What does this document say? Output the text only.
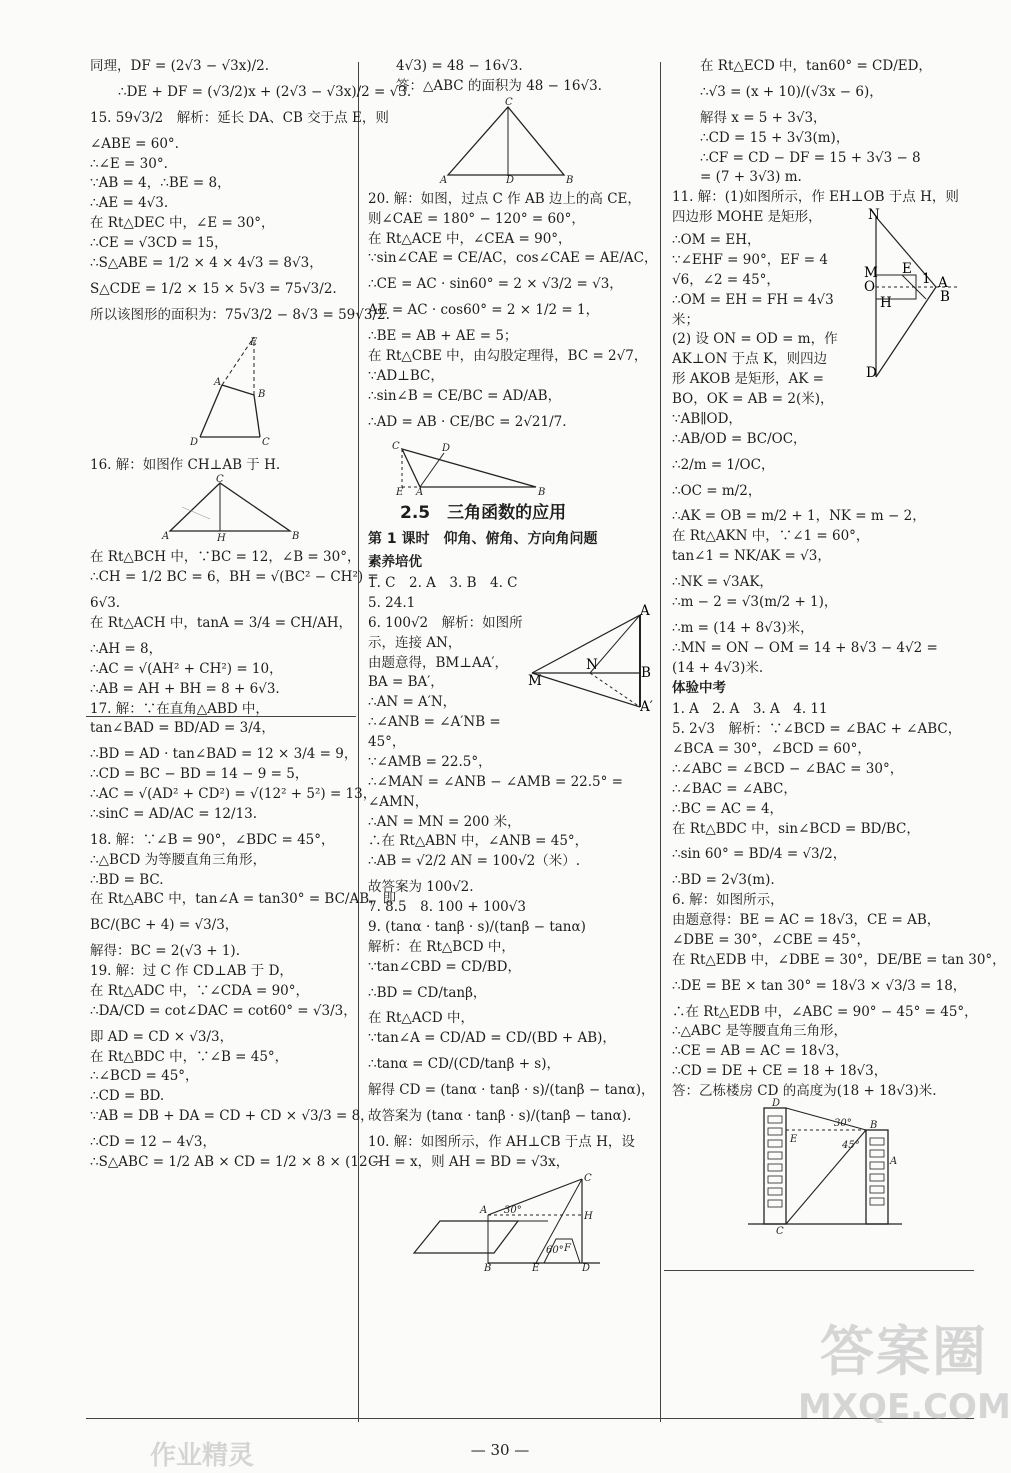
同理，DF = (2√3 − √3x)/2.
∴DE + DF = (√3/2)x + (2√3 − √3x)/2 = √3.
15. 59√3/2　解析：延长 DA、CB 交于点 E，则
∠ABE = 60°.
∴∠E = 30°.
∵AB = 4，∴BE = 8，
∴AE = 4√3.
在 Rt△DEC 中，∠E = 30°，
∴CE = √3CD = 15，
∴S△ABE = 1/2 × 4 × 4√3 = 8√3，
S△CDE = 1/2 × 15 × 5√3 = 75√3/2.
所以该图形的面积为：75√3/2 − 8√3 = 59√3/2.
E
A
B
D	C
16. 解：如图作 CH⊥AB 于 H.
C
A	H	B
在 Rt△BCH 中，∵BC = 12，∠B = 30°，
∴CH = 1/2 BC = 6，BH = √(BC² − CH²) =
6√3.
在 Rt△ACH 中，tanA = 3/4 = CH/AH，
∴AH = 8，
∴AC = √(AH² + CH²) = 10，
∴AB = AH + BH = 8 + 6√3.
17. 解：∵在直角△ABD 中，
tan∠BAD = BD/AD = 3/4，
∴BD = AD · tan∠BAD = 12 × 3/4 = 9，
∴CD = BC − BD = 14 − 9 = 5，
∴AC = √(AD² + CD²) = √(12² + 5²) = 13，
∴sinC = AD/AC = 12/13.
18. 解：∵∠B = 90°，∠BDC = 45°，
∴△BCD 为等腰直角三角形，
∴BD = BC.
在 Rt△ABC 中，tan∠A = tan30° = BC/AB，即
BC/(BC + 4) = √3/3，
解得：BC = 2(√3 + 1).
19. 解：过 C 作 CD⊥AB 于 D，
在 Rt△ADC 中，∵∠CDA = 90°，
∴DA/CD = cot∠DAC = cot60° = √3/3，
即 AD = CD × √3/3，
在 Rt△BDC 中，∵∠B = 45°，
∴∠BCD = 45°，
∴CD = BD.
∵AB = DB + DA = CD + CD × √3/3 = 8，
∴CD = 12 − 4√3，
∴S△ABC = 1/2 AB × CD = 1/2 × 8 × (12 −
4√3) = 48 − 16√3.
答：△ABC 的面积为 48 − 16√3.
C
A	D	B
20. 解：如图，过点 C 作 AB 边上的高 CE，
则∠CAE = 180° − 120° = 60°，
在 Rt△ACE 中，∠CEA = 90°，
∵sin∠CAE = CE/AC，cos∠CAE = AE/AC，
∴CE = AC · sin60° = 2 × √3/2 = √3，
AE = AC · cos60° = 2 × 1/2 = 1，
∴BE = AB + AE = 5；
在 Rt△CBE 中，由勾股定理得，BC = 2√7，
∵AD⊥BC，
∴sin∠B = CE/BC = AD/AB，
∴AD = AB · CE/BC = 2√21/7.
C
E A
D
B
2.5　三角函数的应用
第 1 课时　仰角、俯角、方向角问题
素养培优
1. C　2. A　3. B　4. C
5. 24.1
M
N
A
B
A′
6. 100√2　解析：如图所
示，连接 AN，
由题意得，BM⊥AA′，
BA = BA′，
∴AN = A′N，
∴∠ANB = ∠A′NB =
45°，
∵∠AMB = 22.5°，
∴∠MAN = ∠ANB − ∠AMB = 22.5° =
∠AMN，
∴AN = MN = 200 米，
∴在 Rt△ABN 中，∠ANB = 45°，
∴AB = √2/2 AN = 100√2（米）.
故答案为 100√2.
7. 8.5　8. 100 + 100√3
9. (tanα · tanβ · s)/(tanβ − tanα)
解析：在 Rt△BCD 中，
∵tan∠CBD = CD/BD，
∴BD = CD/tanβ，
在 Rt△ACD 中，
∵tan∠A = CD/AD = CD/(BD + AB)，
∴tanα = CD/(CD/tanβ + s)，
解得 CD = (tanα · tanβ · s)/(tanβ − tanα)，
故答案为 (tanα · tanβ · s)/(tanβ − tanα).
10. 解：如图所示，作 AH⊥CB 于点 H，设
CH = x，则 AH = BD = √3x，
C
A 30°
H
F
60°
B	E	D
在 Rt△ECD 中，tan60° = CD/ED，
∴√3 = (x + 10)/(√3x − 6)，
解得 x = 5 + 3√3，
∴CD = 15 + 3√3(m)，
∴CF = CD − DF = 15 + 3√3 − 8
= (7 + 3√3) m.
11. 解：(1)如图所示，作 EH⊥OB 于点 H，则
N
M
O
H
E
1 A
B
D
四边形 MOHE 是矩形，
∴OM = EH，
∵∠EHF = 90°，EF = 4
√6，∠2 = 45°，
∴OM = EH = FH = 4√3
米；
(2) 设 ON = OD = m，作
AK⊥ON 于点 K，则四边
形 AKOB 是矩形，AK =
BO，OK = AB = 2(米)，
∵AB∥OD，
∴AB/OD = BC/OC，
∴2/m = 1/OC，
∴OC = m/2，
∴AK = OB = m/2 + 1，NK = m − 2，
在 Rt△AKN 中，∵∠1 = 60°，
tan∠1 = NK/AK = √3，
∴NK = √3AK，
∴m − 2 = √3(m/2 + 1)，
∴m = (14 + 8√3)米，
∴MN = ON − OM = 14 + 8√3 − 4√2 =
(14 + 4√3)米.
体验中考
1. A　2. A　3. A　4. 11
5. 2√3　解析：∵∠BCD = ∠BAC + ∠ABC，
∠BCA = 30°，∠BCD = 60°，
∴∠ABC = ∠BCD − ∠BAC = 30°，
∴∠BAC = ∠ABC，
∴BC = AC = 4，
在 Rt△BDC 中，sin∠BCD = BD/BC，
∴sin 60° = BD/4 = √3/2，
∴BD = 2√3(m).
6. 解：如图所示，
由题意得：BE = AC = 18√3，CE = AB，
∠DBE = 30°，∠CBE = 45°，
在 Rt△EDB 中，∠DBE = 30°，DE/BE = tan 30°，
∴DE = BE × tan 30° = 18√3 × √3/3 = 18，
∴在 Rt△EDB 中，∠ABC = 90° − 45° = 45°，
∴△ABC 是等腰直角三角形，
∴CE = AB = AC = 18√3，
∴CD = DE + CE = 18 + 18√3，
答：乙栋楼房 CD 的高度为(18 + 18√3)米.
D
30° B
E
45°
A
C
— 30 —
答案圈
MXQE.COM
作业精灵
